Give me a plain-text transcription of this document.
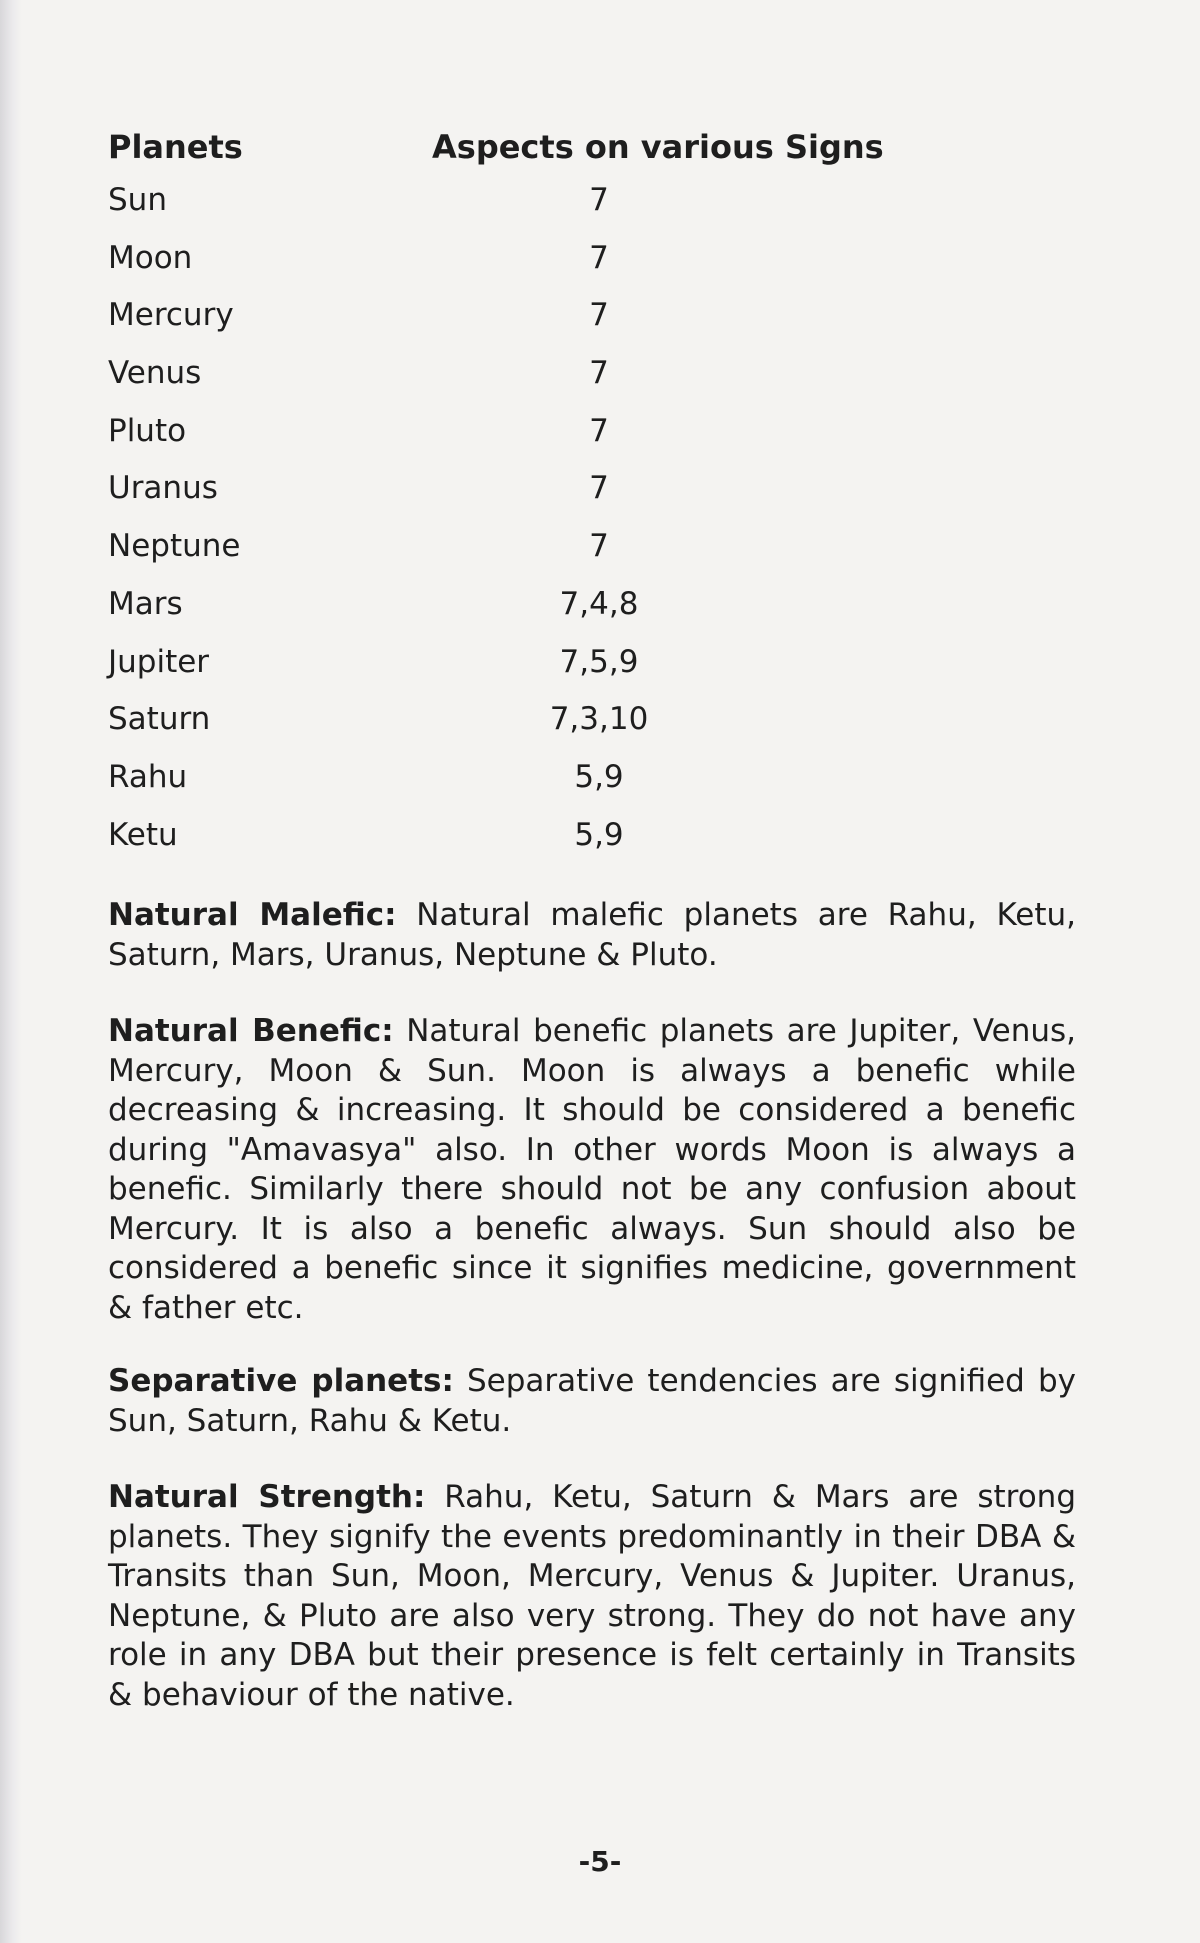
Planets	Aspects on various Signs
Sun	7
Moon	7
Mercury	7
Venus	7
Pluto	7
Uranus	7
Neptune	7
Mars	7,4,8
Jupiter	7,5,9
Saturn	7,3,10
Rahu	5,9
Ketu	5,9
Natural Malefic: Natural malefic planets are Rahu, Ketu, Saturn, Mars, Uranus, Neptune & Pluto.
Natural Benefic: Natural benefic planets are Jupiter, Venus, Mercury, Moon & Sun. Moon is always a benefic while decreasing & increasing. It should be considered a benefic during "Amavasya" also. In other words Moon is always a benefic. Similarly there should not be any confusion about Mercury. It is also a benefic always. Sun should also be considered a benefic since it signifies medicine, government & father etc.
Separative planets: Separative tendencies are signified by Sun, Saturn, Rahu & Ketu.
Natural Strength: Rahu, Ketu, Saturn & Mars are strong planets. They signify the events predominantly in their DBA & Transits than Sun, Moon, Mercury, Venus & Jupiter. Uranus, Neptune, & Pluto are also very strong. They do not have any role in any DBA but their presence is felt certainly in Transits & behaviour of the native.
-5-
